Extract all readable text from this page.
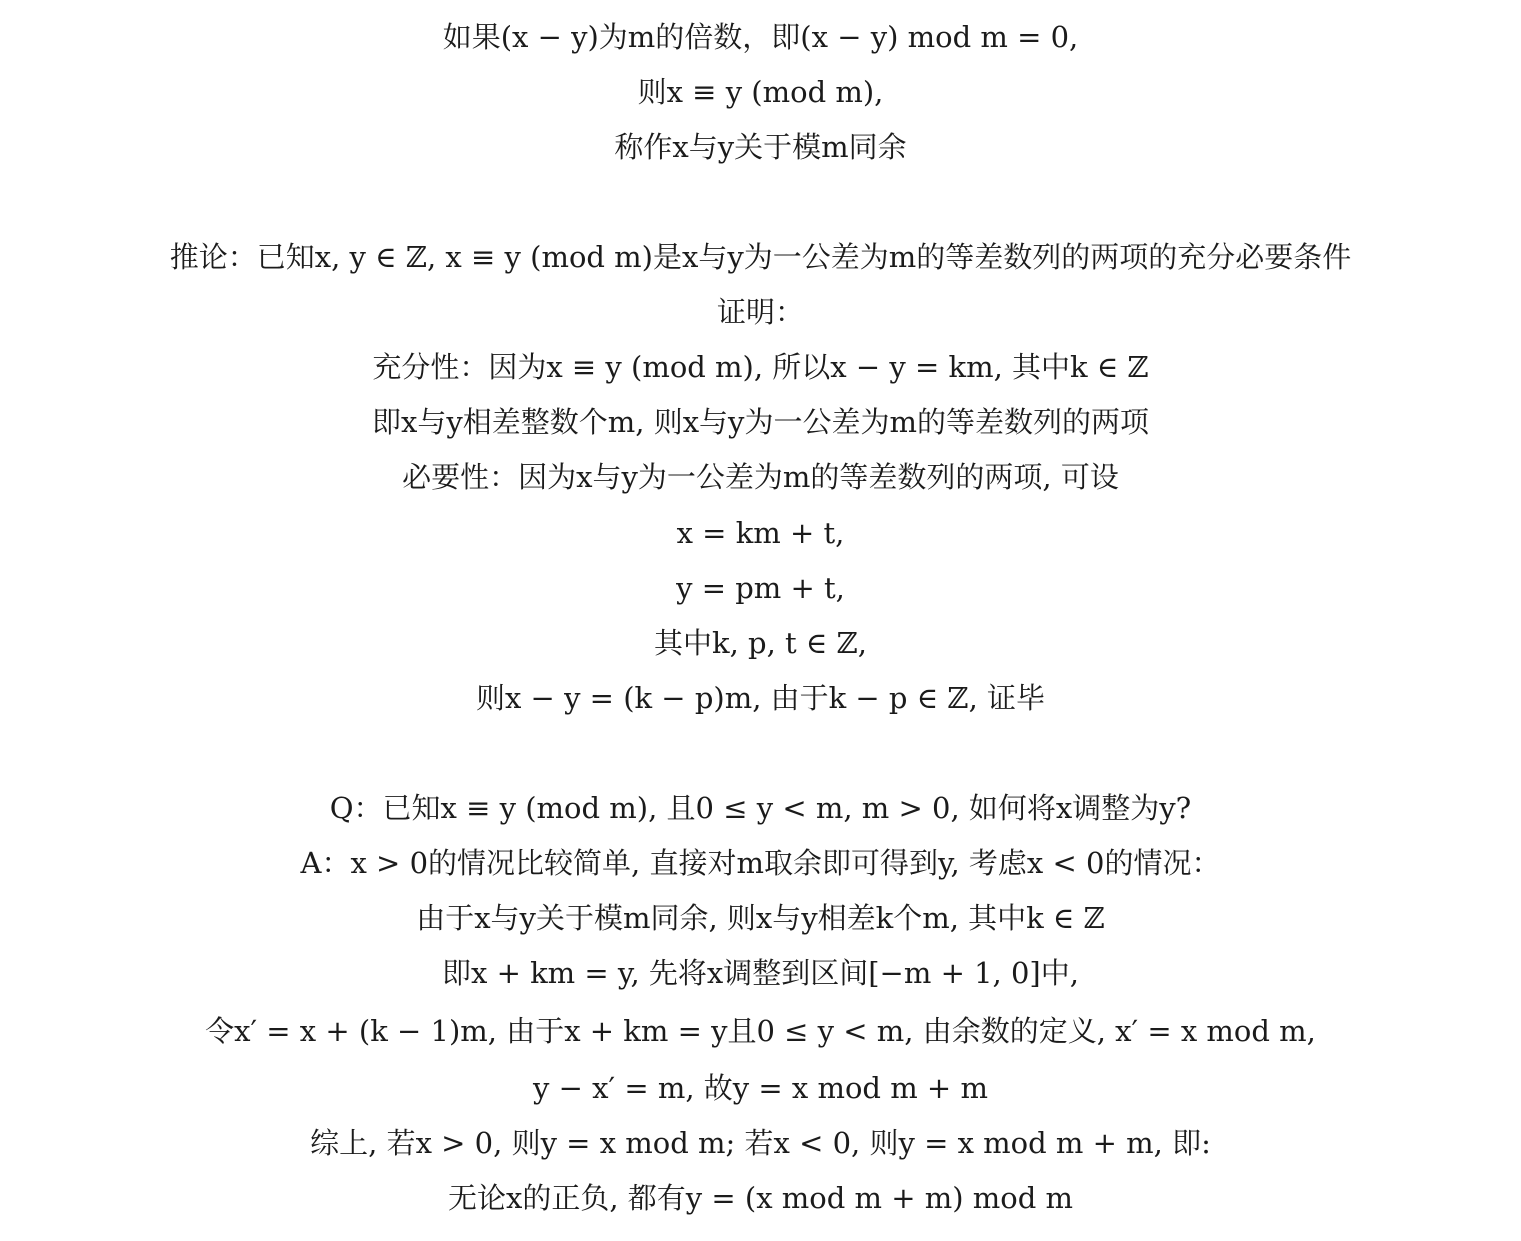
如果(x − y)为m的倍数，即(x − y) mod m = 0,
则x ≡ y (mod m),
称作x与y关于模m同余
推论：已知x, y ∈ ℤ, x ≡ y (mod m)是x与y为一公差为m的等差数列的两项的充分必要条件
证明：
充分性：因为x ≡ y (mod m), 所以x − y = km, 其中k ∈ ℤ
即x与y相差整数个m, 则x与y为一公差为m的等差数列的两项
必要性：因为x与y为一公差为m的等差数列的两项, 可设
x = km + t,
y = pm + t,
其中k, p, t ∈ ℤ,
则x − y = (k − p)m, 由于k − p ∈ ℤ, 证毕
Q：已知x ≡ y (mod m), 且0 ≤ y < m, m > 0, 如何将x调整为y?
A：x > 0的情况比较简单, 直接对m取余即可得到y, 考虑x < 0的情况：
由于x与y关于模m同余, 则x与y相差k个m, 其中k ∈ ℤ
即x + km = y, 先将x调整到区间[−m + 1, 0]中,
令x′ = x + (k − 1)m, 由于x + km = y且0 ≤ y < m, 由余数的定义, x′ = x mod m,
y − x′ = m, 故y = x mod m + m
综上, 若x > 0, 则y = x mod m; 若x < 0, 则y = x mod m + m, 即:
无论x的正负, 都有y = (x mod m + m) mod m
